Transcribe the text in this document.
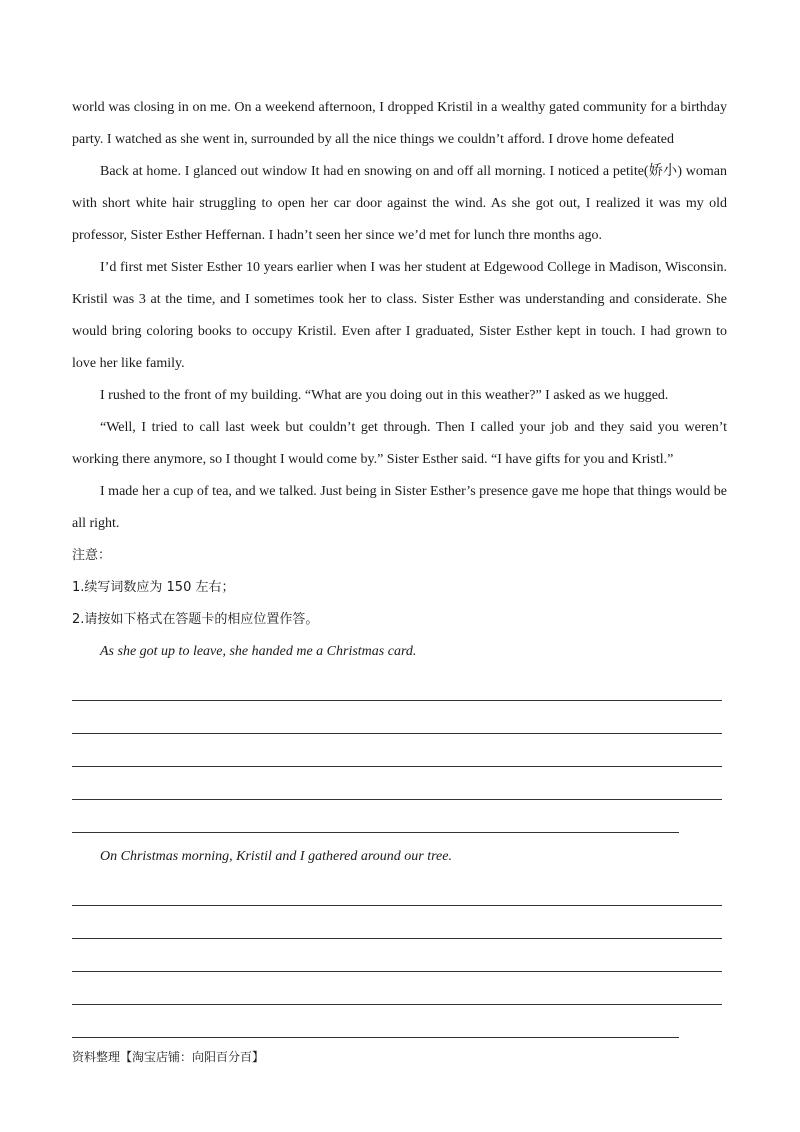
world was closing in on me. On a weekend afternoon, I dropped Kristil in a wealthy gated community for a birthday party. I watched as she went in, surrounded by all the nice things we couldn’t afford. I drove home defeated

Back at home. I glanced out window It had en snowing on and off all morning. I noticed a petite(娇小) woman with short white hair struggling to open her car door against the wind. As she got out, I realized it was my old professor, Sister Esther Heffernan. I hadn’t seen her since we’d met for lunch thre months ago.

I’d first met Sister Esther 10 years earlier when I was her student at Edgewood College in Madison, Wisconsin. Kristil was 3 at the time, and I sometimes took her to class. Sister Esther was understanding and considerate. She would bring coloring books to occupy Kristil. Even after I graduated, Sister Esther kept in touch. I had grown to love her like family.

I rushed to the front of my building. “What are you doing out in this weather?” I asked as we hugged.

“Well, I tried to call last week but couldn’t get through. Then I called your job and they said you weren’t working there anymore, so I thought I would come by.” Sister Esther said. “I have gifts for you and Kristl.”

I made her a cup of tea, and we talked. Just being in Sister Esther’s presence gave me hope that things would be all right.

注意：

1.续写词数应为 150 左右；

2.请按如下格式在答题卡的相应位置作答。

As she got up to leave, she handed me a Christmas card.

On Christmas morning, Kristil and I gathered around our tree.

资料整理【淘宝店铺：向阳百分百】
